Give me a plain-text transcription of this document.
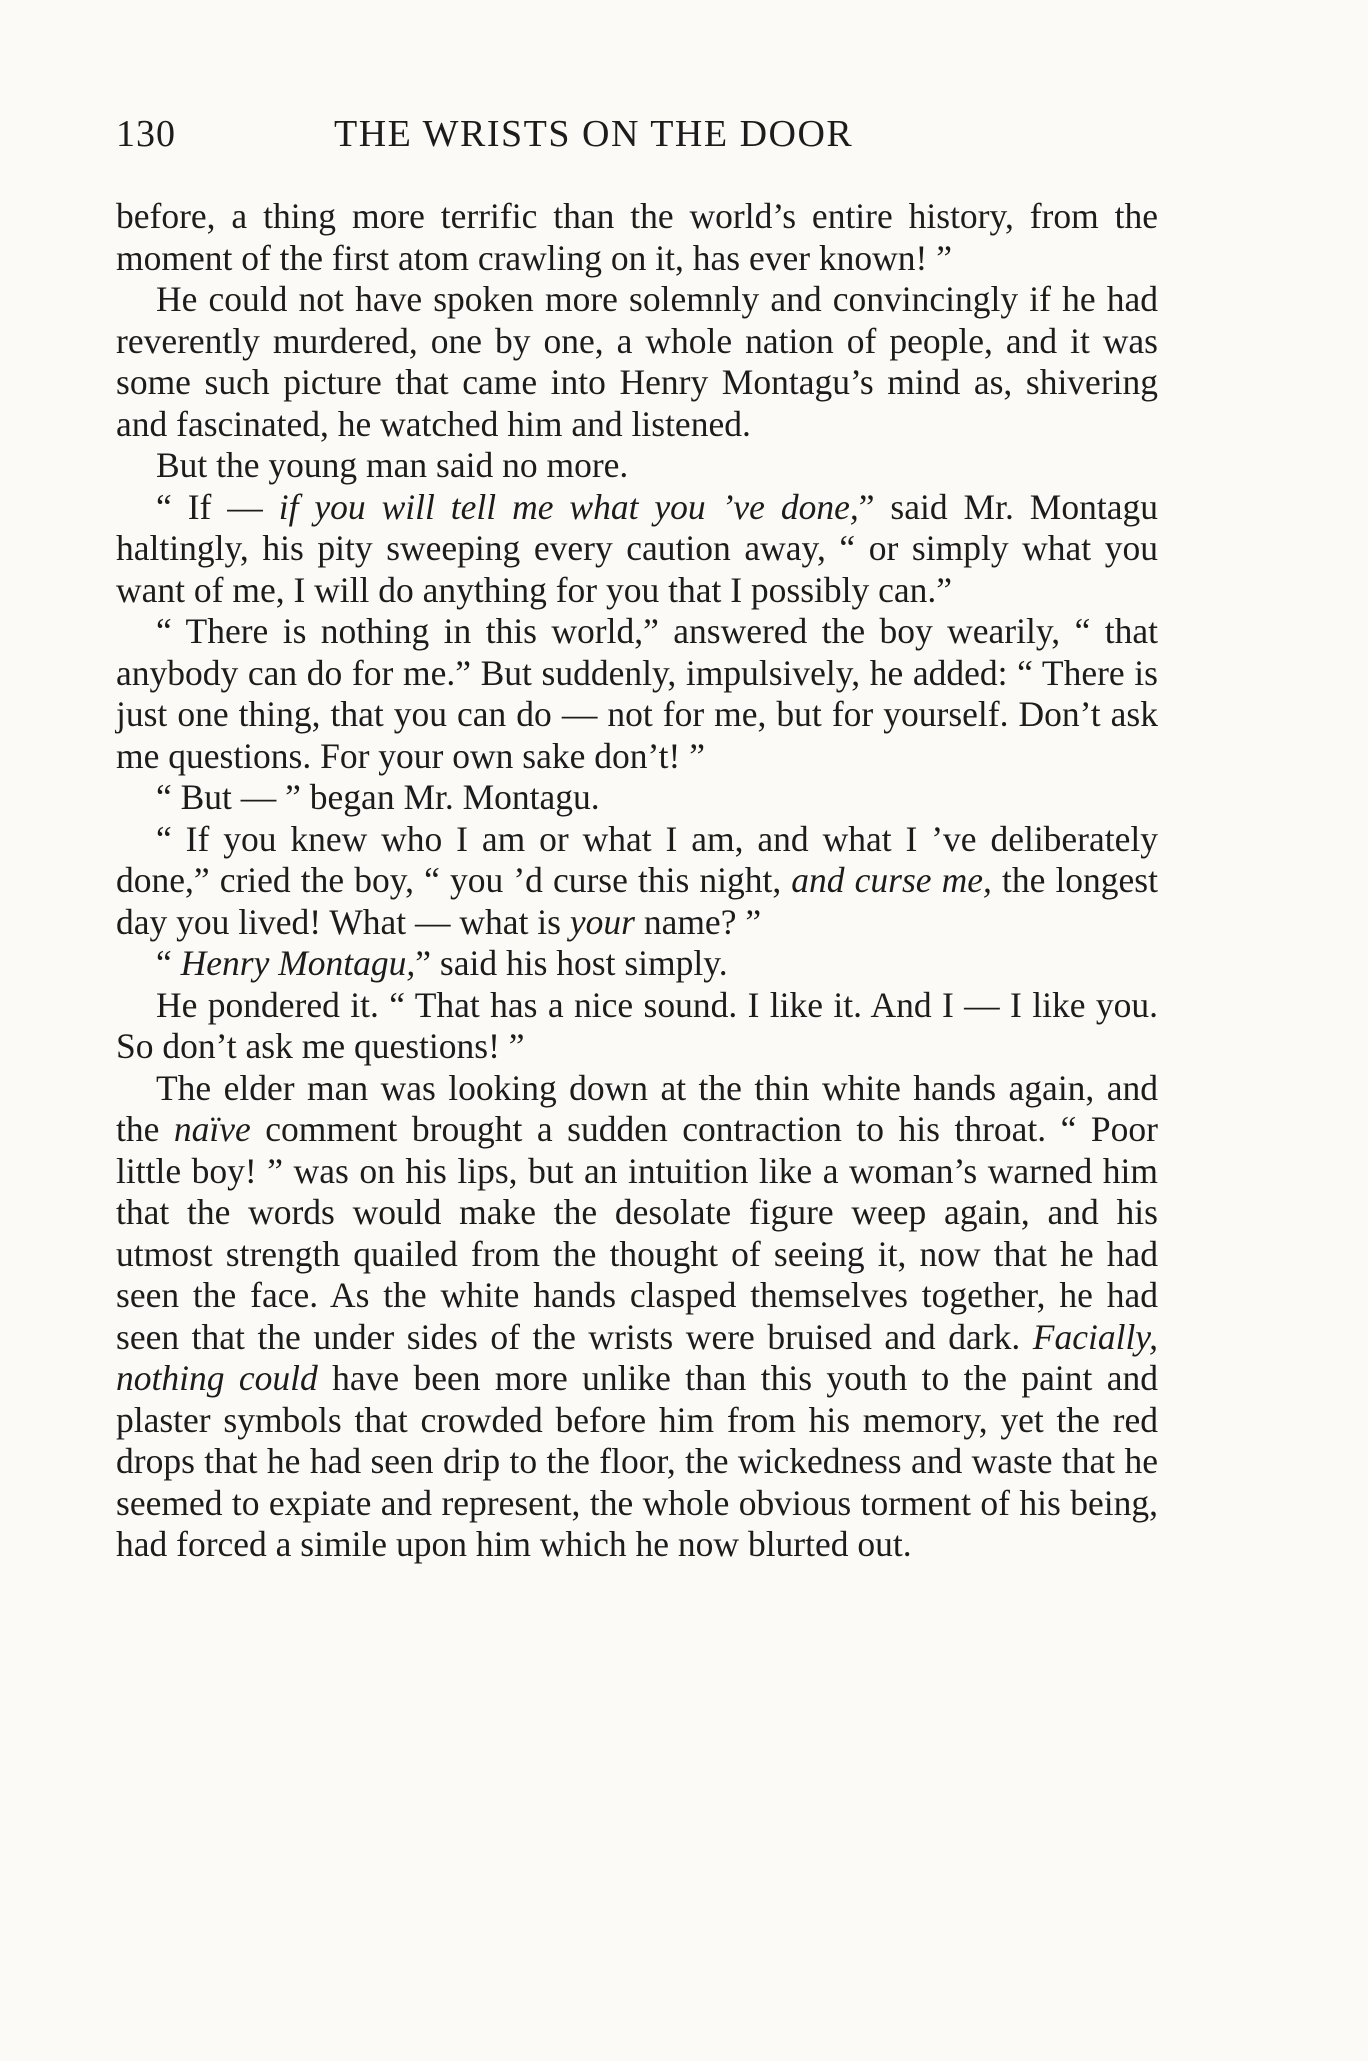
130	THE WRISTS ON THE DOOR

before, a thing more terrific than the world’s entire history, from the moment of the first atom crawling on it, has ever known! ”

He could not have spoken more solemnly and convincingly if he had reverently murdered, one by one, a whole nation of people, and it was some such picture that came into Henry Montagu’s mind as, shivering and fascinated, he watched him and listened.

But the young man said no more.

“ If — if you will tell me what you ’ve done,” said Mr. Montagu haltingly, his pity sweeping every caution away, “ or simply what you want of me, I will do anything for you that I possibly can.”

“ There is nothing in this world,” answered the boy wearily, “ that anybody can do for me.” But suddenly, impulsively, he added: “ There is just one thing, that you can do — not for me, but for yourself. Don’t ask me questions. For your own sake don’t! ”

“ But — ” began Mr. Montagu.

“ If you knew who I am or what I am, and what I ’ve deliberately done,” cried the boy, “ you ’d curse this night, and curse me, the longest day you lived! What — what is your name? ”

“ Henry Montagu,” said his host simply.

He pondered it. “ That has a nice sound. I like it. And I — I like you. So don’t ask me questions! ”

The elder man was looking down at the thin white hands again, and the naïve comment brought a sudden contraction to his throat. “ Poor little boy! ” was on his lips, but an intuition like a woman’s warned him that the words would make the desolate figure weep again, and his utmost strength quailed from the thought of seeing it, now that he had seen the face. As the white hands clasped themselves together, he had seen that the under sides of the wrists were bruised and dark. Facially, nothing could have been more unlike than this youth to the paint and plaster symbols that crowded before him from his memory, yet the red drops that he had seen drip to the floor, the wickedness and waste that he seemed to expiate and represent, the whole obvious torment of his being, had forced a simile upon him which he now blurted out.
